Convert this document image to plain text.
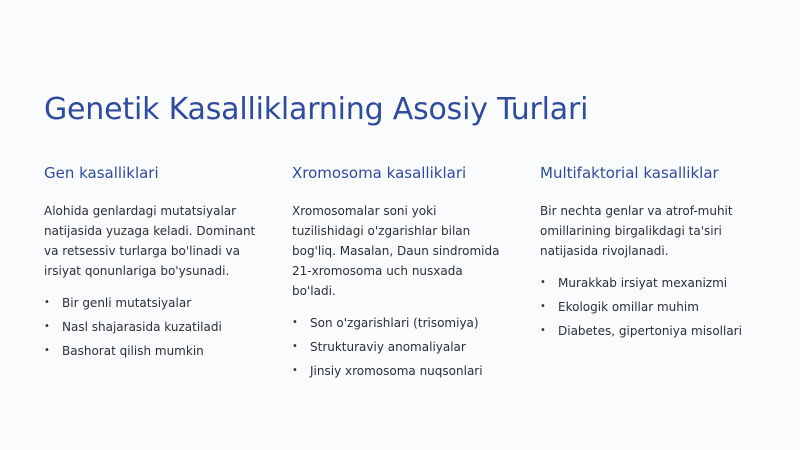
Genetik Kasalliklarning Asosiy Turlari
Gen kasalliklari

Alohida genlardagi mutatsiyalar natijasida yuzaga keladi. Dominant va retsessiv turlarga bo'linadi va irsiyat qonunlariga bo'ysunadi.

• Bir genli mutatsiyalar
• Nasl shajarasida kuzatiladi
• Bashorat qilish mumkin
Xromosoma kasalliklari

Xromosomalar soni yoki tuzilishidagi o'zgarishlar bilan bog'liq. Masalan, Daun sindromida 21-xromosoma uch nusxada bo'ladi.

• Son o'zgarishlari (trisomiya)
• Strukturaviy anomaliyalar
• Jinsiy xromosoma nuqsonlari
Multifaktorial kasalliklar

Bir nechta genlar va atrof-muhit omillarining birgalikdagi ta'siri natijasida rivojlanadi.

• Murakkab irsiyat mexanizmi
• Ekologik omillar muhim
• Diabetes, gipertoniya misollari
